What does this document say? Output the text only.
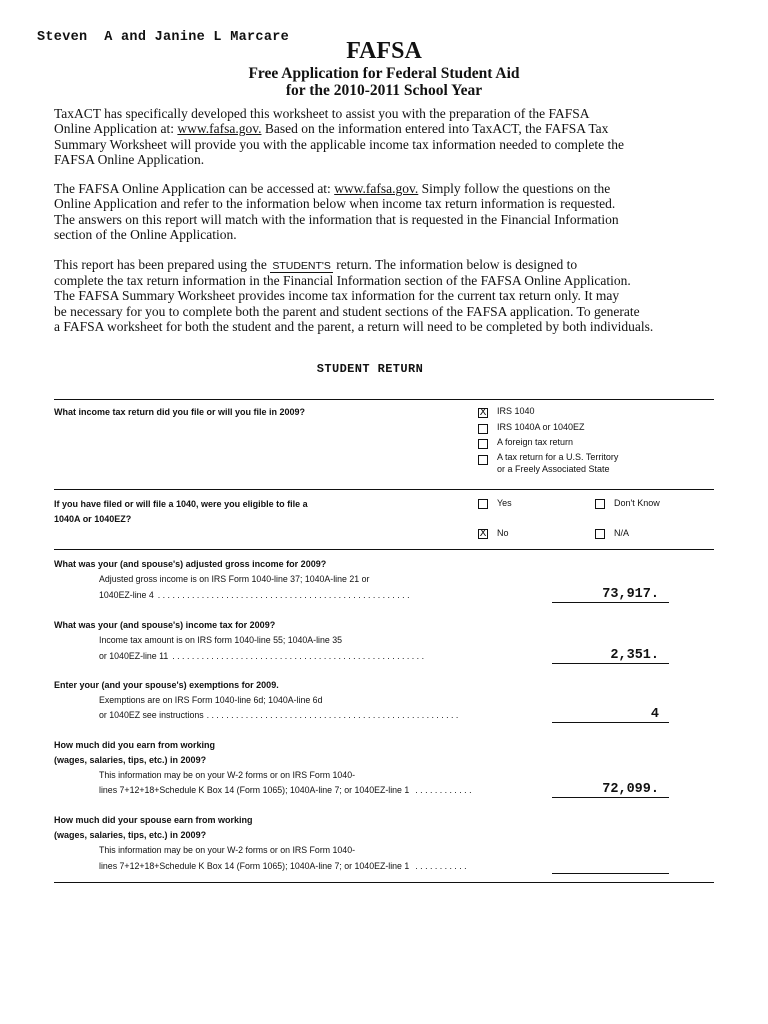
Steven  A and Janine L Marcare
FAFSA
Free Application for Federal Student Aid
for the 2010-2011 School Year
TaxACT has specifically developed this worksheet to assist you with the preparation of the FAFSA
Online Application at: www.fafsa.gov. Based on the information entered into TaxACT, the FAFSA Tax
Summary Worksheet will provide you with the applicable income tax information needed to complete the
FAFSA Online Application.
The FAFSA Online Application can be accessed at: www.fafsa.gov. Simply follow the questions on the
Online Application and refer to the information below when income tax return information is requested.
The answers on this report will match with the information that is requested in the Financial Information
section of the Online Application.
This report has been prepared using the STUDENT'S return. The information below is designed to
complete the tax return information in the Financial Information section of the FAFSA Online Application.
The FAFSA Summary Worksheet provides income tax information for the current tax return only. It may
be necessary for you to complete both the parent and student sections of the FAFSA application. To generate
a FAFSA worksheet for both the student and the parent, a return will need to be completed by both individuals.
STUDENT RETURN
What income tax return did you file or will you file in 2009?	X IRS 1040
IRS 1040A or 1040EZ
A foreign tax return
A tax return for a U.S. Territory
or a Freely Associated State
If you have filed or will file a 1040, were you eligible to file a
1040A or 1040EZ?
Yes	Don't Know
X No	N/A
What was your (and spouse's) adjusted gross income for 2009?
Adjusted gross income is on IRS Form 1040-line 37; 1040A-line 21 or
1040EZ-line 4 . . . . . . . . . . . . . . . . . . . . . . . . . . . . . . . . . . . . . . . . . . . . . . . . . . . .	73,917.
What was your (and spouse's) income tax for 2009?
Income tax amount is on IRS form 1040-line 55; 1040A-line 35
or 1040EZ-line 11 . . . . . . . . . . . . . . . . . . . . . . . . . . . . . . . . . . . . . . . . . . . . . . . . . . . .	2,351.
Enter your (and your spouse's) exemptions for 2009.
Exemptions are on IRS Form 1040-line 6d; 1040A-line 6d
or 1040EZ see instructions . . . . . . . . . . . . . . . . . . . . . . . . . . . . . . . . . . . . . . . . . . . . . . . . . . . .	4
How much did you earn from working
(wages, salaries, tips, etc.) in 2009?
This information may be on your W-2 forms or on IRS Form 1040-
lines 7+12+18+Schedule K Box 14 (Form 1065); 1040A-line 7; or 1040EZ-line 1 . . . . . . . . . . . .	72,099.
How much did your spouse earn from working
(wages, salaries, tips, etc.) in 2009?
This information may be on your W-2 forms or on IRS Form 1040-
lines 7+12+18+Schedule K Box 14 (Form 1065); 1040A-line 7; or 1040EZ-line 1 . . . . . . . . . . .
